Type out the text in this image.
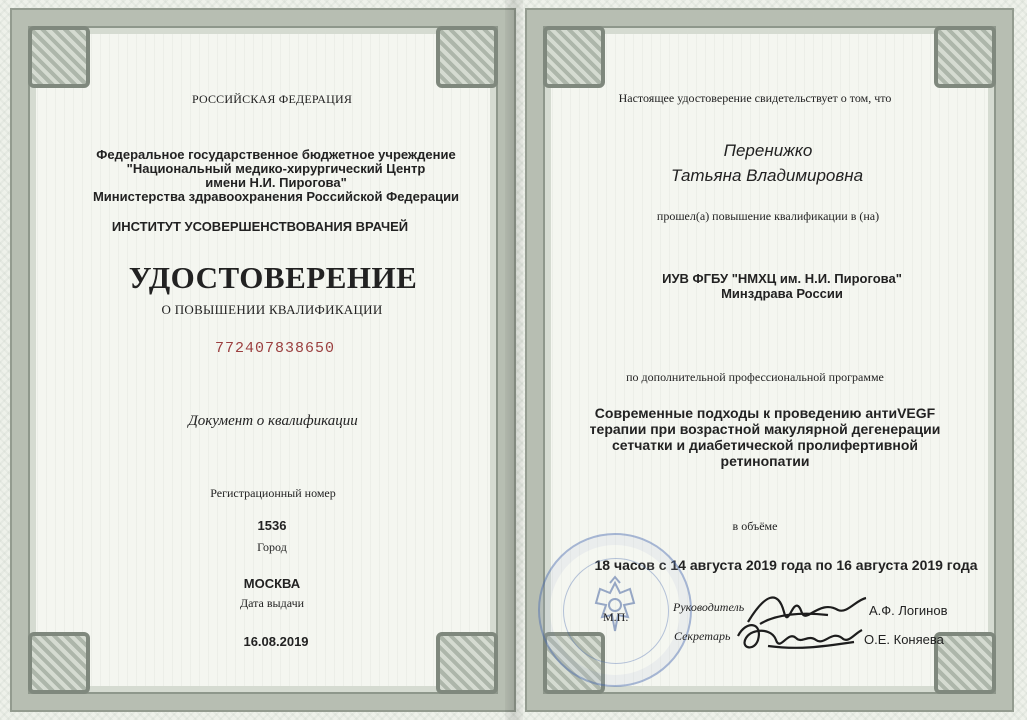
РОССИЙСКАЯ ФЕДЕРАЦИЯ
Федеральное государственное бюджетное учреждение
"Национальный медико-хирургический Центр
имени Н.И. Пирогова"
Министерства здравоохранения Российской Федерации
ИНСТИТУТ УСОВЕРШЕНСТВОВАНИЯ ВРАЧЕЙ
УДОСТОВЕРЕНИЕ
О ПОВЫШЕНИИ КВАЛИФИКАЦИИ
772407838650
Документ о квалификации
Регистрационный номер
1536
Город
МОСКВА
Дата выдачи
16.08.2019
Настоящее удостоверение свидетельствует о том, что
Перенижко
Татьяна Владимировна
прошел(а) повышение квалификации в (на)
ИУВ ФГБУ "НМХЦ им. Н.И. Пирогова"
Минздрава России
по дополнительной профессиональной программе
Современные подходы к проведению антиVEGF
терапии при возрастной макулярной дегенерации
сетчатки и диабетической пролифертивной
ретинопатии
в объёме
18 часов с 14 августа 2019 года по 16 августа 2019 года
М.П.
Руководитель
Секретарь
А.Ф. Логинов
О.Е. Коняева
